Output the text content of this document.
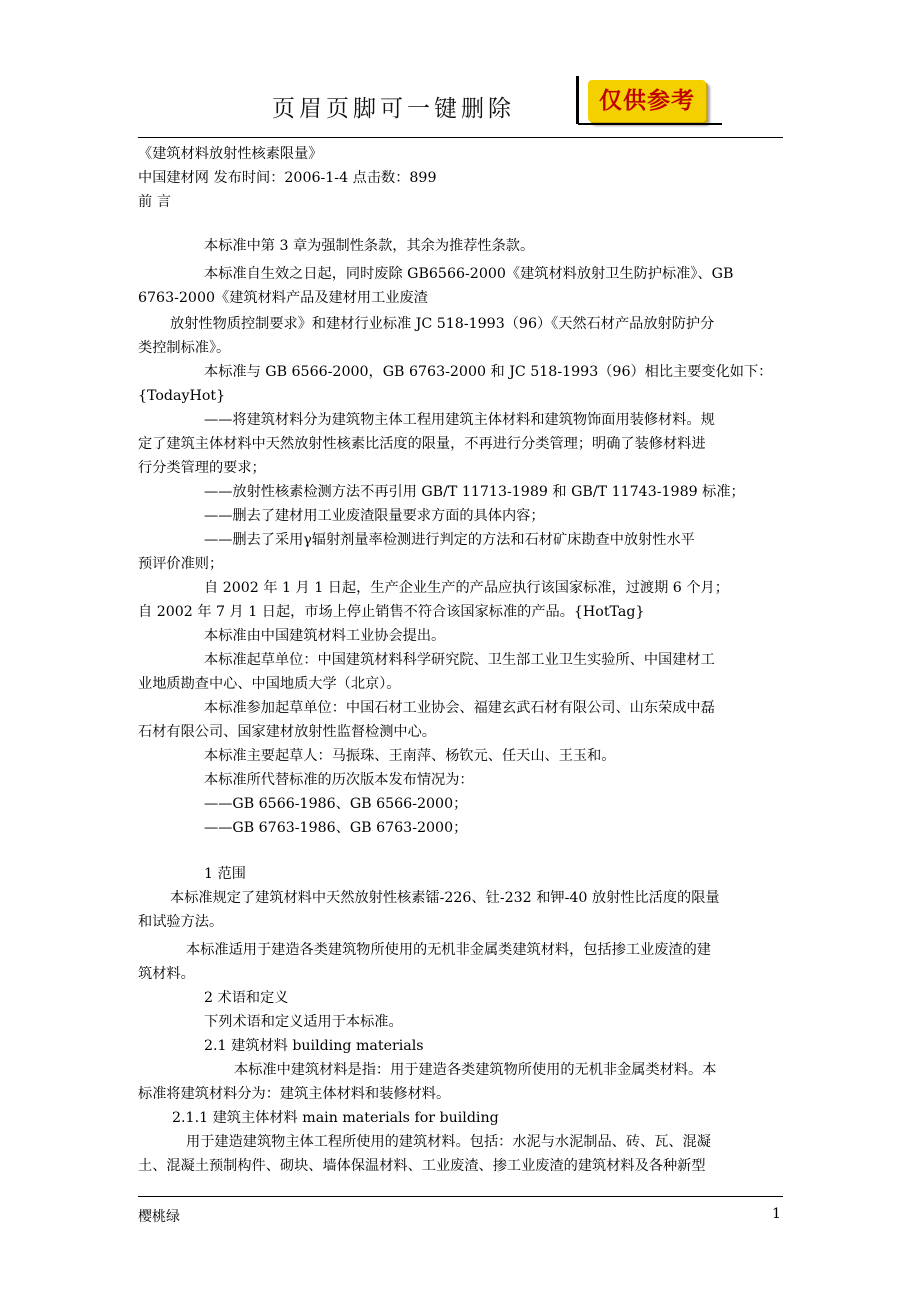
页眉页脚可一键删除	仅供参考
《建筑材料放射性核素限量》
中国建材网 发布时间：2006-1-4 点击数：899
前 言
本标准中第 3 章为强制性条款，其余为推荐性条款。
本标准自生效之日起，同时废除 GB6566-2000《建筑材料放射卫生防护标准》、GB
6763-2000《建筑材料产品及建材用工业废渣
放射性物质控制要求》和建材行业标准 JC 518-1993（96）《天然石材产品放射防护分
类控制标准》。
本标准与 GB 6566-2000，GB 6763-2000 和 JC 518-1993（96）相比主要变化如下：
{TodayHot}
——将建筑材料分为建筑物主体工程用建筑主体材料和建筑物饰面用装修材料。规
定了建筑主体材料中天然放射性核素比活度的限量，不再进行分类管理；明确了装修材料进
行分类管理的要求；
——放射性核素检测方法不再引用 GB/T 11713-1989 和 GB/T 11743-1989 标准；
——删去了建材用工业废渣限量要求方面的具体内容；
——删去了采用γ辐射剂量率检测进行判定的方法和石材矿床勘查中放射性水平
预评价准则；
自 2002 年 1 月 1 日起，生产企业生产的产品应执行该国家标准，过渡期 6 个月；
自 2002 年 7 月 1 日起，市场上停止销售不符合该国家标准的产品。{HotTag}
本标准由中国建筑材料工业协会提出。
本标准起草单位：中国建筑材料科学研究院、卫生部工业卫生实验所、中国建材工
业地质勘查中心、中国地质大学（北京）。
本标准参加起草单位：中国石材工业协会、福建玄武石材有限公司、山东荣成中磊
石材有限公司、国家建材放射性监督检测中心。
本标准主要起草人：马振珠、王南萍、杨钦元、任天山、王玉和。
本标准所代替标准的历次版本发布情况为：
——GB 6566-1986、GB 6566-2000；
——GB 6763-1986、GB 6763-2000；
1 范围
本标准规定了建筑材料中天然放射性核素镭-226、钍-232 和钾-40 放射性比活度的限量
和试验方法。
本标准适用于建造各类建筑物所使用的无机非金属类建筑材料，包括掺工业废渣的建
筑材料。
2 术语和定义
下列术语和定义适用于本标准。
2.1 建筑材料 building materials
本标准中建筑材料是指：用于建造各类建筑物所使用的无机非金属类材料。本
标准将建筑材料分为：建筑主体材料和装修材料。
2.1.1 建筑主体材料 main materials for building
用于建造建筑物主体工程所使用的建筑材料。包括：水泥与水泥制品、砖、瓦、混凝
土、混凝土预制构件、砌块、墙体保温材料、工业废渣、掺工业废渣的建筑材料及各种新型
樱桃绿	1
